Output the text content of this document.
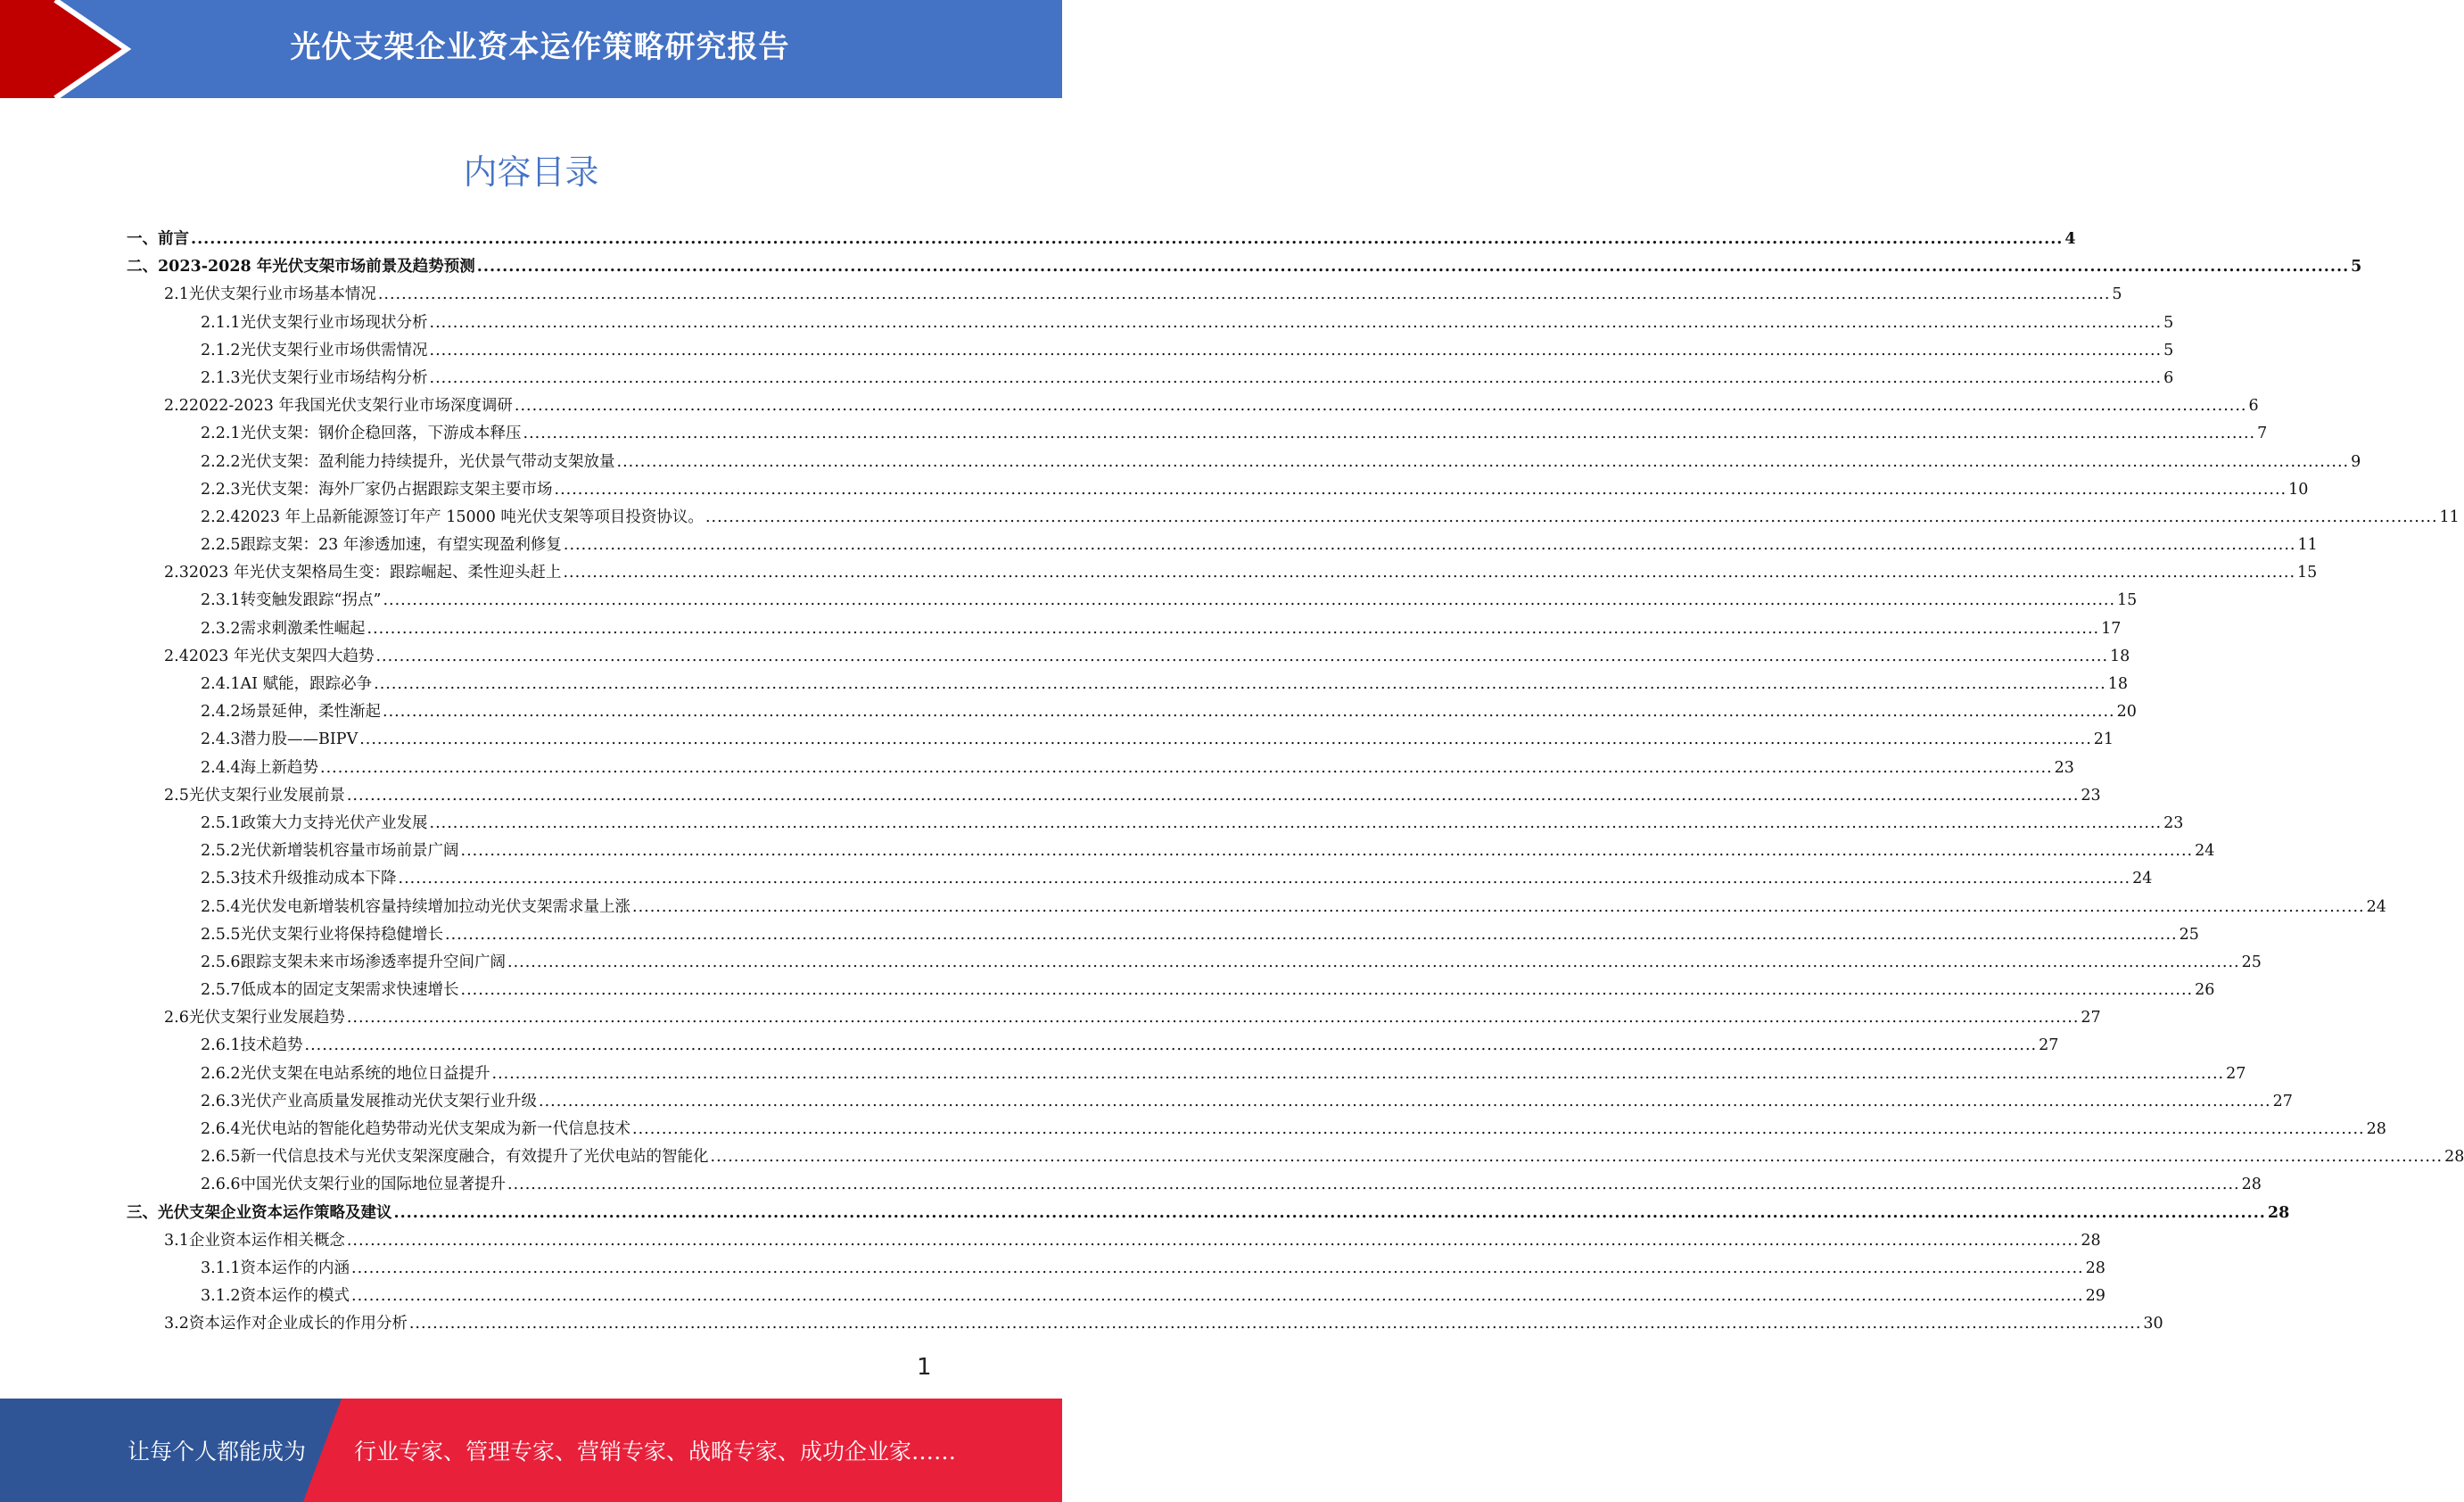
光伏支架企业资本运作策略研究报告
内容目录
一、 前言 .....	4
二、 2023-2028 年光伏支架市场前景及趋势预测 .....	5
2.1 光伏支架行业市场基本情况 .....	5
2.1.1 光伏支架行业市场现状分析 .....	5
2.1.2 光伏支架行业市场供需情况 .....	5
2.1.3 光伏支架行业市场结构分析 .....	6
2.2 2022-2023 年我国光伏支架行业市场深度调研 .....	6
2.2.1 光伏支架：钢价企稳回落，下游成本释压 .....	7
2.2.2 光伏支架：盈利能力持续提升，光伏景气带动支架放量 .....	9
2.2.3 光伏支架：海外厂家仍占据跟踪支架主要市场 .....	10
2.2.4 2023 年上品新能源签订年产 15000 吨光伏支架等项目投资协议。 .....	11
2.2.5 跟踪支架：23 年渗透加速，有望实现盈利修复 .....	11
2.3 2023 年光伏支架格局生变：跟踪崛起、柔性迎头赶上 .....	15
2.3.1 转变触发跟踪“拐点” .....	15
2.3.2 需求刺激柔性崛起 .....	17
2.4 2023 年光伏支架四大趋势 .....	18
2.4.1 AI 赋能，跟踪必争 .....	18
2.4.2 场景延伸，柔性渐起 .....	20
2.4.3 潜力股——BIPV .....	21
2.4.4 海上新趋势 .....	23
2.5 光伏支架行业发展前景 .....	23
2.5.1 政策大力支持光伏产业发展 .....	23
2.5.2 光伏新增装机容量市场前景广阔 .....	24
2.5.3 技术升级推动成本下降 .....	24
2.5.4 光伏发电新增装机容量持续增加拉动光伏支架需求量上涨 .....	24
2.5.5 光伏支架行业将保持稳健增长 .....	25
2.5.6 跟踪支架未来市场渗透率提升空间广阔 .....	25
2.5.7 低成本的固定支架需求快速增长 .....	26
2.6 光伏支架行业发展趋势 .....	27
2.6.1 技术趋势 .....	27
2.6.2 光伏支架在电站系统的地位日益提升 .....	27
2.6.3 光伏产业高质量发展推动光伏支架行业升级 .....	27
2.6.4 光伏电站的智能化趋势带动光伏支架成为新一代信息技术 .....	28
2.6.5 新一代信息技术与光伏支架深度融合，有效提升了光伏电站的智能化 .....	28
2.6.6 中国光伏支架行业的国际地位显著提升 .....	28
三、 光伏支架企业资本运作策略及建议 .....	28
3.1 企业资本运作相关概念 .....	28
3.1.1 资本运作的内涵 .....	28
3.1.2 资本运作的模式 .....	29
3.2 资本运作对企业成长的作用分析 .....	30
1
让每个人都能成为 行业专家、管理专家、营销专家、战略专家、成功企业家……
